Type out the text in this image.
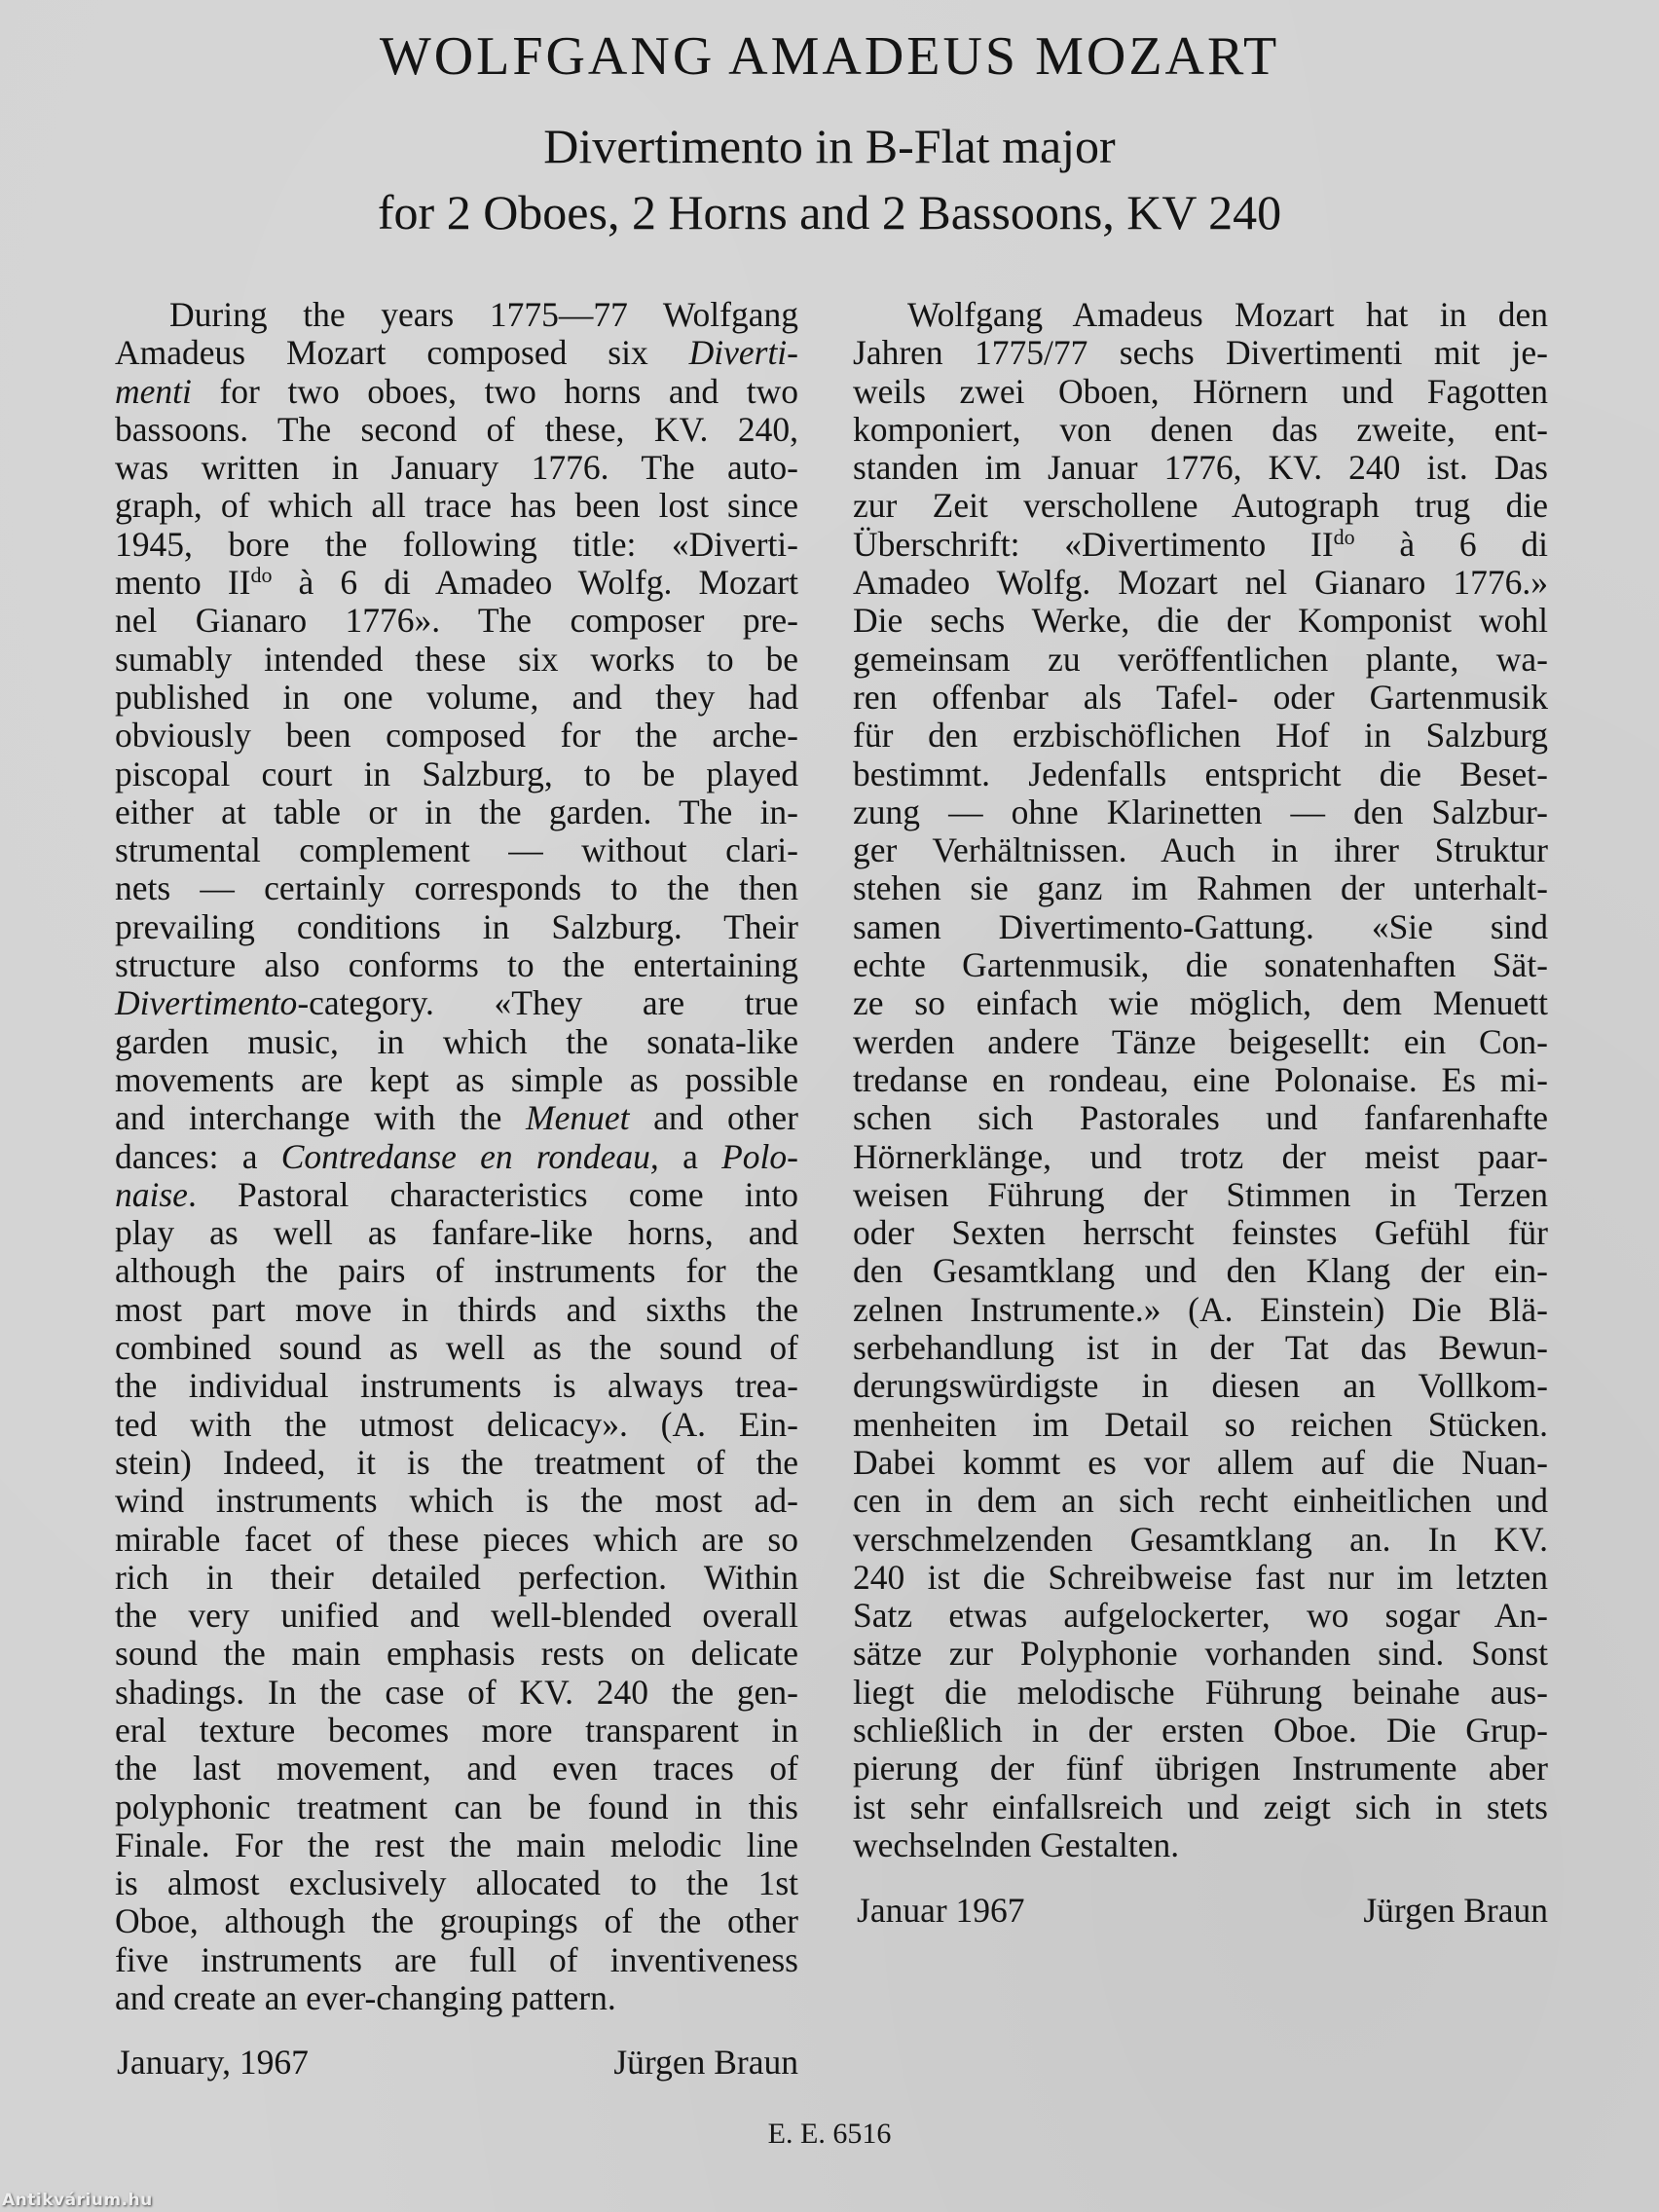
WOLFGANG AMADEUS MOZART
Divertimento in B-Flat major
for 2 Oboes, 2 Horns and 2 Bassoons, KV 240
During the years 1775—77 Wolfgang
Amadeus Mozart composed six Diverti-
menti for two oboes, two horns and two
bassoons. The second of these, KV. 240,
was written in January 1776. The auto-
graph, of which all trace has been lost since
1945, bore the following title: «Diverti-
mento $II^{do}$ à 6 di Amadeo Wolfg. Mozart
nel Gianaro 1776». The composer pre-
sumably intended these six works to be
published in one volume, and they had
obviously been composed for the arche-
piscopal court in Salzburg, to be played
either at table or in the garden. The in-
strumental complement — without clari-
nets — certainly corresponds to the then
prevailing conditions in Salzburg. Their
structure also conforms to the entertaining
Divertimento-category. «They are true
garden music, in which the sonata-like
movements are kept as simple as possible
and interchange with the Menuet and other
dances: a Contredanse en rondeau, a Polo-
naise. Pastoral characteristics come into
play as well as fanfare-like horns, and
although the pairs of instruments for the
most part move in thirds and sixths the
combined sound as well as the sound of
the individual instruments is always trea-
ted with the utmost delicacy». (A. Ein-
stein) Indeed, it is the treatment of the
wind instruments which is the most ad-
mirable facet of these pieces which are so
rich in their detailed perfection. Within
the very unified and well-blended overall
sound the main emphasis rests on delicate
shadings. In the case of KV. 240 the gen-
eral texture becomes more transparent in
the last movement, and even traces of
polyphonic treatment can be found in this
Finale. For the rest the main melodic line
is almost exclusively allocated to the 1st
Oboe, although the groupings of the other
five instruments are full of inventiveness
and create an ever-changing pattern.
January, 1967	Jürgen Braun
Wolfgang Amadeus Mozart hat in den
Jahren 1775/77 sechs Divertimenti mit je-
weils zwei Oboen, Hörnern und Fagotten
komponiert, von denen das zweite, ent-
standen im Januar 1776, KV. 240 ist. Das
zur Zeit verschollene Autograph trug die
Überschrift: «Divertimento $II^{do}$ à 6 di
Amadeo Wolfg. Mozart nel Gianaro 1776.»
Die sechs Werke, die der Komponist wohl
gemeinsam zu veröffentlichen plante, wa-
ren offenbar als Tafel- oder Gartenmusik
für den erzbischöflichen Hof in Salzburg
bestimmt. Jedenfalls entspricht die Beset-
zung — ohne Klarinetten — den Salzbur-
ger Verhältnissen. Auch in ihrer Struktur
stehen sie ganz im Rahmen der unterhalt-
samen Divertimento-Gattung. «Sie sind
echte Gartenmusik, die sonatenhaften Sät-
ze so einfach wie möglich, dem Menuett
werden andere Tänze beigesellt: ein Con-
tredanse en rondeau, eine Polonaise. Es mi-
schen sich Pastorales und fanfarenhafte
Hörnerklänge, und trotz der meist paar-
weisen Führung der Stimmen in Terzen
oder Sexten herrscht feinstes Gefühl für
den Gesamtklang und den Klang der ein-
zelnen Instrumente.» (A. Einstein) Die Blä-
serbehandlung ist in der Tat das Bewun-
derungswürdigste in diesen an Vollkom-
menheiten im Detail so reichen Stücken.
Dabei kommt es vor allem auf die Nuan-
cen in dem an sich recht einheitlichen und
verschmelzenden Gesamtklang an. In KV.
240 ist die Schreibweise fast nur im letzten
Satz etwas aufgelockerter, wo sogar An-
sätze zur Polyphonie vorhanden sind. Sonst
liegt die melodische Führung beinahe aus-
schließlich in der ersten Oboe. Die Grup-
pierung der fünf übrigen Instrumente aber
ist sehr einfallsreich und zeigt sich in stets
wechselnden Gestalten.
Januar 1967	Jürgen Braun
E. E. 6516
Antikvárium.hu
